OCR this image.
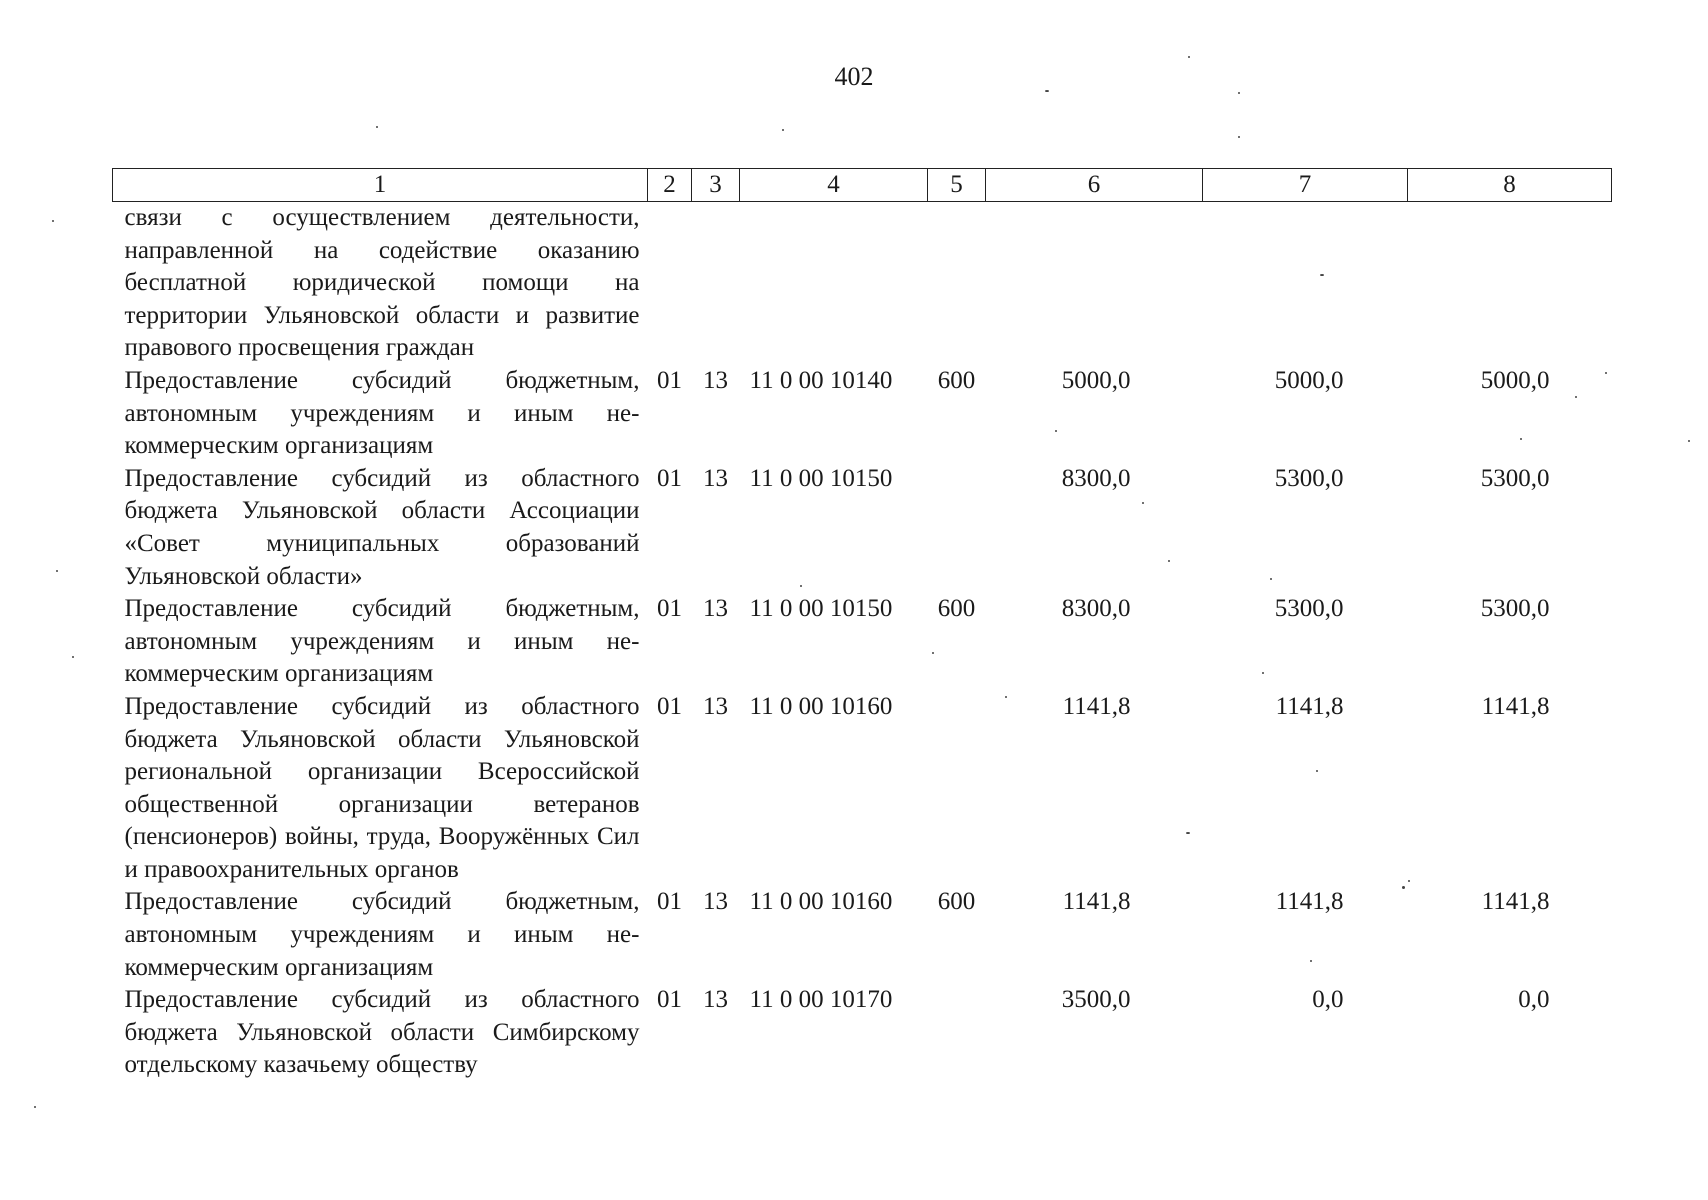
402
1	2	3	4	5	6	7	8
связи с осуществлением деятельности, направленной на содействие оказанию бесплатной юридической помощи на территории Ульяновской области и развитие правового просвещения граждан							
Предоставление субсидий бюджетным, автономным учреждениям и иным некоммерческим организациям	01	13	11 0 00 10140	600	5000,0	5000,0	5000,0
Предоставление субсидий из областного бюджета Ульяновской области Ассоциации «Совет муниципальных образований Ульяновской области»	01	13	11 0 00 10150		8300,0	5300,0	5300,0
Предоставление субсидий бюджетным, автономным учреждениям и иным некоммерческим организациям	01	13	11 0 00 10150	600	8300,0	5300,0	5300,0
Предоставление субсидий из областного бюджета Ульяновской области Ульяновской региональной организации Всероссийской общественной организации ветеранов (пенсионеров) войны, труда, Вооружённых Сил и правоохранительных органов	01	13	11 0 00 10160		1141,8	1141,8	1141,8
Предоставление субсидий бюджетным, автономным учреждениям и иным некоммерческим организациям	01	13	11 0 00 10160	600	1141,8	1141,8	1141,8
Предоставление субсидий из областного бюджета Ульяновской области Симбирскому отдельскому казачьему обществу	01	13	11 0 00 10170		3500,0	0,0	0,0
